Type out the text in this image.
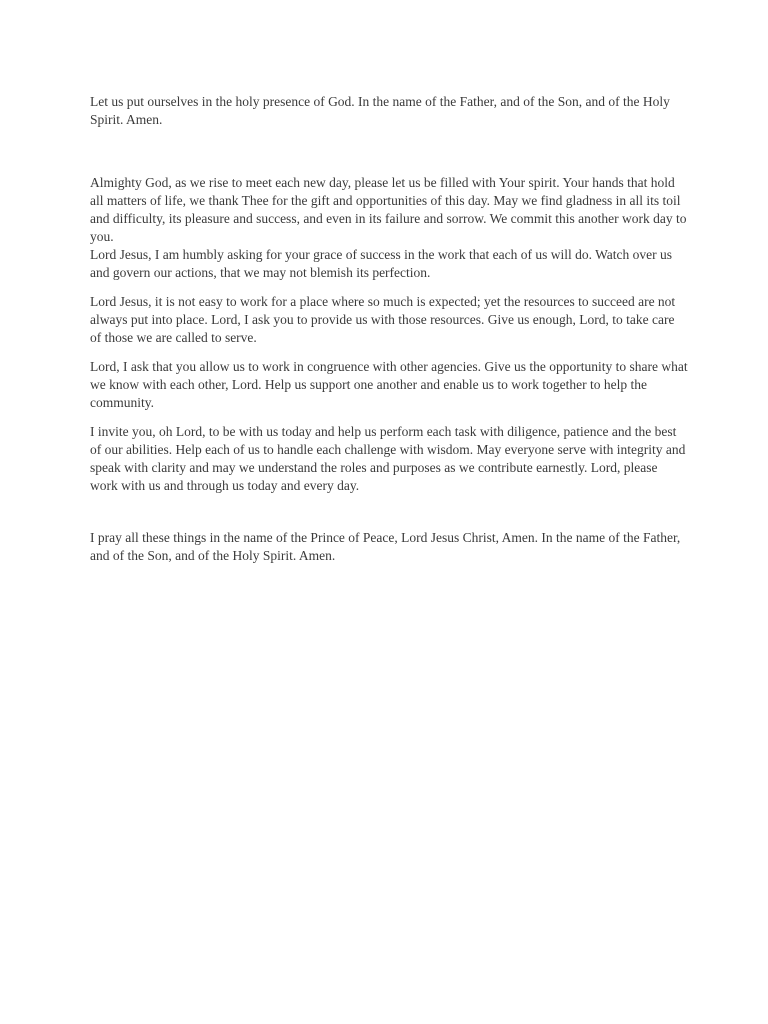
Let us put ourselves in the holy presence of God. In the name of the Father, and of the Son, and of the Holy Spirit. Amen.

Almighty God, as we rise to meet each new day, please let us be filled with Your spirit. Your hands that hold all matters of life, we thank Thee for the gift and opportunities of this day. May we find gladness in all its toil and difficulty, its pleasure and success, and even in its failure and sorrow. We commit this another work day to you.

Lord Jesus, I am humbly asking for your grace of success in the work that each of us will do. Watch over us and govern our actions, that we may not blemish its perfection.

Lord Jesus, it is not easy to work for a place where so much is expected; yet the resources to succeed are not always put into place. Lord, I ask you to provide us with those resources. Give us enough, Lord, to take care of those we are called to serve.

Lord, I ask that you allow us to work in congruence with other agencies. Give us the opportunity to share what we know with each other, Lord. Help us support one another and enable us to work together to help the community.

I invite you, oh Lord, to be with us today and help us perform each task with diligence, patience and the best of our abilities. Help each of us to handle each challenge with wisdom. May everyone serve with integrity and speak with clarity and may we understand the roles and purposes as we contribute earnestly. Lord, please work with us and through us today and every day.

I pray all these things in the name of the Prince of Peace, Lord Jesus Christ, Amen. In the name of the Father, and of the Son, and of the Holy Spirit. Amen.
